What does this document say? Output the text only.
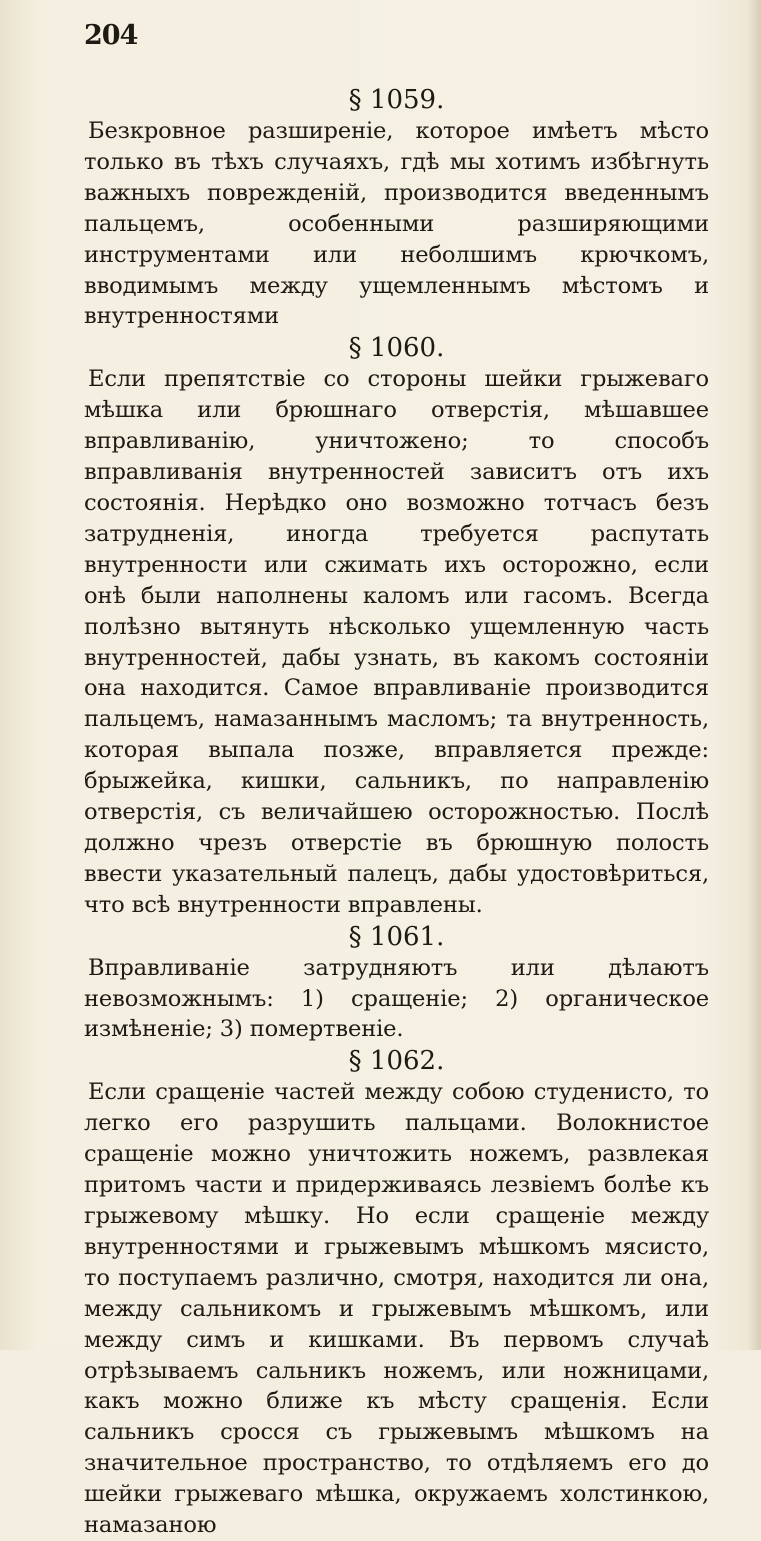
204

§ 1059.

Безкровное разширеніе, которое имѣетъ мѣсто только въ тѣхъ случаяхъ, гдѣ мы хотимъ избѣгнуть важныхъ поврежденій, производится введеннымъ пальцемъ, особенными разширяющими инструментами или неболшимъ крючкомъ, вводимымъ между ущемленнымъ мѣстомъ и внутренностями

§ 1060.

Если препятствіе со стороны шейки грыжеваго мѣшка или брюшнаго отверстія, мѣшавшее вправливанію, уничтожено; то способъ вправливанія внутренностей зависитъ отъ ихъ состоянія. Нерѣдко оно возможно тотчасъ безъ затрудненія, иногда требуется распутать внутренности или сжимать ихъ осторожно, если онѣ были наполнены каломъ или гасомъ. Всегда полѣзно вытянуть нѣсколько ущемленную часть внутренностей, дабы узнать, въ какомъ состояніи она находится. Самое вправливаніе производится пальцемъ, намазаннымъ масломъ; та внутренность, которая выпала позже, вправляется прежде: брыжейка, кишки, сальникъ, по направленію отверстія, съ величайшею осторожностью. Послѣ должно чрезъ отверстіе въ брюшную полость ввести указательный палецъ, дабы удостовѣриться, что всѣ внутренности вправлены.

§ 1061.

Вправливаніе затрудняютъ или дѣлаютъ невозможнымъ: 1) сращеніе; 2) органическое измѣненіе; 3) помертвеніе.

§ 1062.

Если сращеніе частей между собою студенисто, то легко его разрушить пальцами. Волокнистое сращеніе можно уничтожить ножемъ, развлекая притомъ части и придерживаясь лезвіемъ болѣе къ грыжевому мѣшку. Но если сращеніе между внутренностями и грыжевымъ мѣшкомъ мясисто, то поступаемъ различно, смотря, находится ли она, между сальникомъ и грыжевымъ мѣшкомъ, или между симъ и кишками. Въ первомъ случаѣ отрѣзываемъ сальникъ ножемъ, или ножницами, какъ можно ближе къ мѣсту сращенія. Если сальникъ сросся съ грыжевымъ мѣшкомъ на значительное пространство, то отдѣляемъ его до шейки грыжеваго мѣшка, окружаемъ холстинкою, намазаною
